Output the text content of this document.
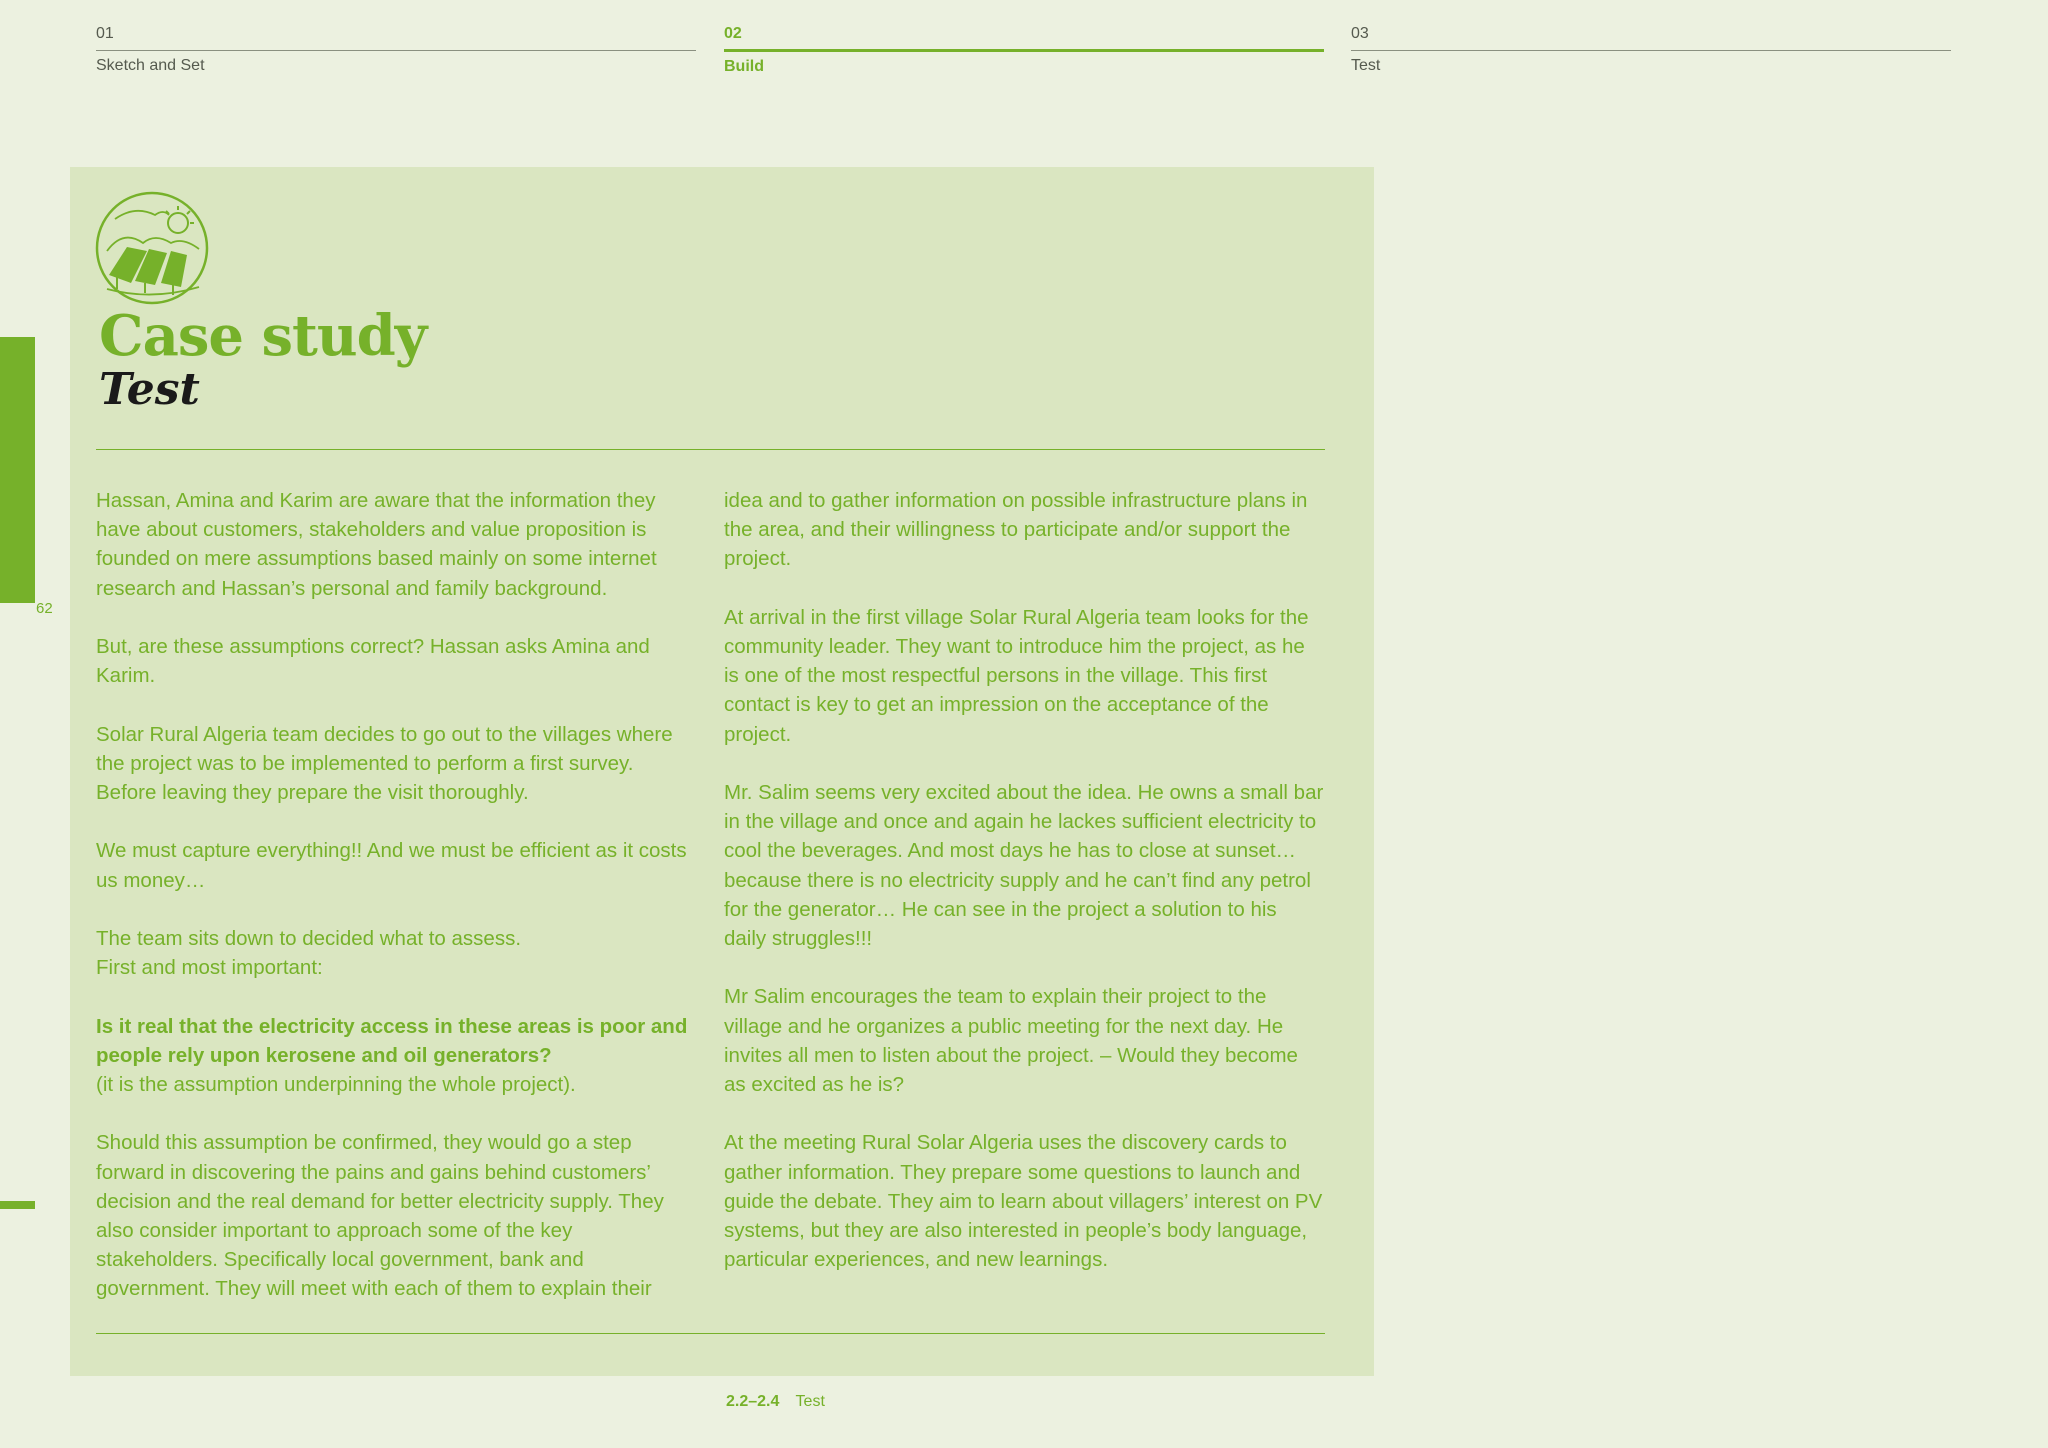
01
Sketch and Set
02
Build
03
Test
62
Case study
Test

Hassan, Amina and Karim are aware that the information they have about customers, stakeholders and value proposition is founded on mere assumptions based mainly on some internet research and Hassan’s personal and family background.

But, are these assumptions correct? Hassan asks Amina and Karim.

Solar Rural Algeria team decides to go out to the villages where the project was to be implemented to perform a first survey. Before leaving they prepare the visit thoroughly.

We must capture everything!! And we must be efficient as it costs us money…

The team sits down to decided what to assess.
First and most important:

Is it real that the electricity access in these areas is poor and people rely upon kerosene and oil generators?
(it is the assumption underpinning the whole project).

Should this assumption be confirmed, they would go a step forward in discovering the pains and gains behind customers’ decision and the real demand for better electricity supply. They also consider important to approach some of the key stakeholders. Specifically local government, bank and government. They will meet with each of them to explain their

idea and to gather information on possible infrastructure plans in the area, and their willingness to participate and/or support the project.

At arrival in the first village Solar Rural Algeria team looks for the community leader. They want to introduce him the project, as he is one of the most respectful persons in the village. This first contact is key to get an impression on the acceptance of the project.

Mr. Salim seems very excited about the idea. He owns a small bar in the village and once and again he lackes sufficient electricity to cool the beverages. And most days he has to close at sunset… because there is no electricity supply and he can’t find any petrol for the generator… He can see in the project a solution to his daily struggles!!!

Mr Salim encourages the team to explain their project to the village and he organizes a public meeting for the next day. He invites all men to listen about the project. – Would they become as excited as he is?

At the meeting Rural Solar Algeria uses the discovery cards to gather information. They prepare some questions to launch and guide the debate. They aim to learn about villagers’ interest on PV systems, but they are also interested in people’s body language, particular experiences, and new learnings.

2.2–2.4 Test
